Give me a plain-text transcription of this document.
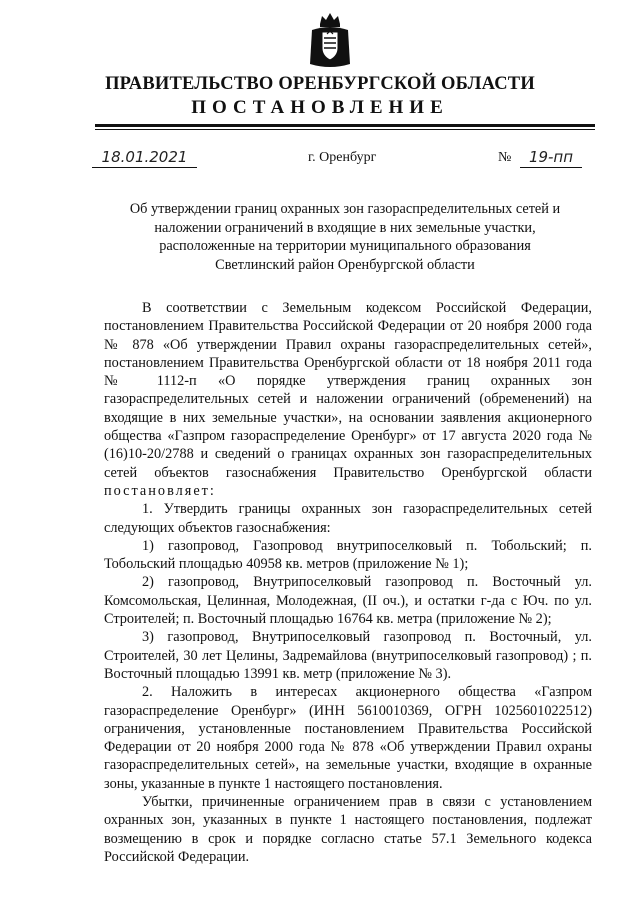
ПРАВИТЕЛЬСТВО ОРЕНБУРГСКОЙ ОБЛАСТИ
ПОСТАНОВЛЕНИЕ
18.01.2021	г. Оренбург	№	19-пп
Об утверждении границ охранных зон газораспределительных сетей и
наложении ограничений в входящие в них земельные участки,
расположенные на территории муниципального образования
Светлинский район Оренбургской области

В соответствии с Земельным кодексом Российской Федерации, постановлением Правительства Российской Федерации от 20 ноября 2000 года № 878 «Об утверждении Правил охраны газораспределительных сетей», постановлением Правительства Оренбургской области от 18 ноября 2011 года № 1112-п «О порядке утверждения границ охранных зон газораспределительных сетей и наложении ограничений (обременений) на входящие в них земельные участки», на основании заявления акционерного общества «Газпром газораспределение Оренбург» от 17 августа 2020 года № (16)10-20/2788 и сведений о границах охранных зон газораспределительных сетей объектов газоснабжения Правительство Оренбургской области постановляет:

1. Утвердить границы охранных зон газораспределительных сетей следующих объектов газоснабжения:

1) газопровод, Газопровод внутрипоселковый п. Тобольский; п. Тобольский площадью 40958 кв. метров (приложение № 1);

2) газопровод, Внутрипоселковый газопровод п. Восточный ул. Комсомольская, Целинная, Молодежная, (II оч.), и остатки г-да с Юч. по ул. Строителей; п. Восточный площадью 16764 кв. метра (приложение № 2);

3) газопровод, Внутрипоселковый газопровод п. Восточный, ул. Строителей, 30 лет Целины, Задремайлова (внутрипоселковый газопровод) ; п. Восточный площадью 13991 кв. метр (приложение № 3).

2. Наложить в интересах акционерного общества «Газпром газораспределение Оренбург» (ИНН 5610010369, ОГРН 1025601022512) ограничения, установленные постановлением Правительства Российской Федерации от 20 ноября 2000 года № 878 «Об утверждении Правил охраны газораспределительных сетей», на земельные участки, входящие в охранные зоны, указанные в пункте 1 настоящего постановления.

Убытки, причиненные ограничением прав в связи с установлением охранных зон, указанных в пункте 1 настоящего постановления, подлежат возмещению в срок и порядке согласно статье 57.1 Земельного кодекса Российской Федерации.
